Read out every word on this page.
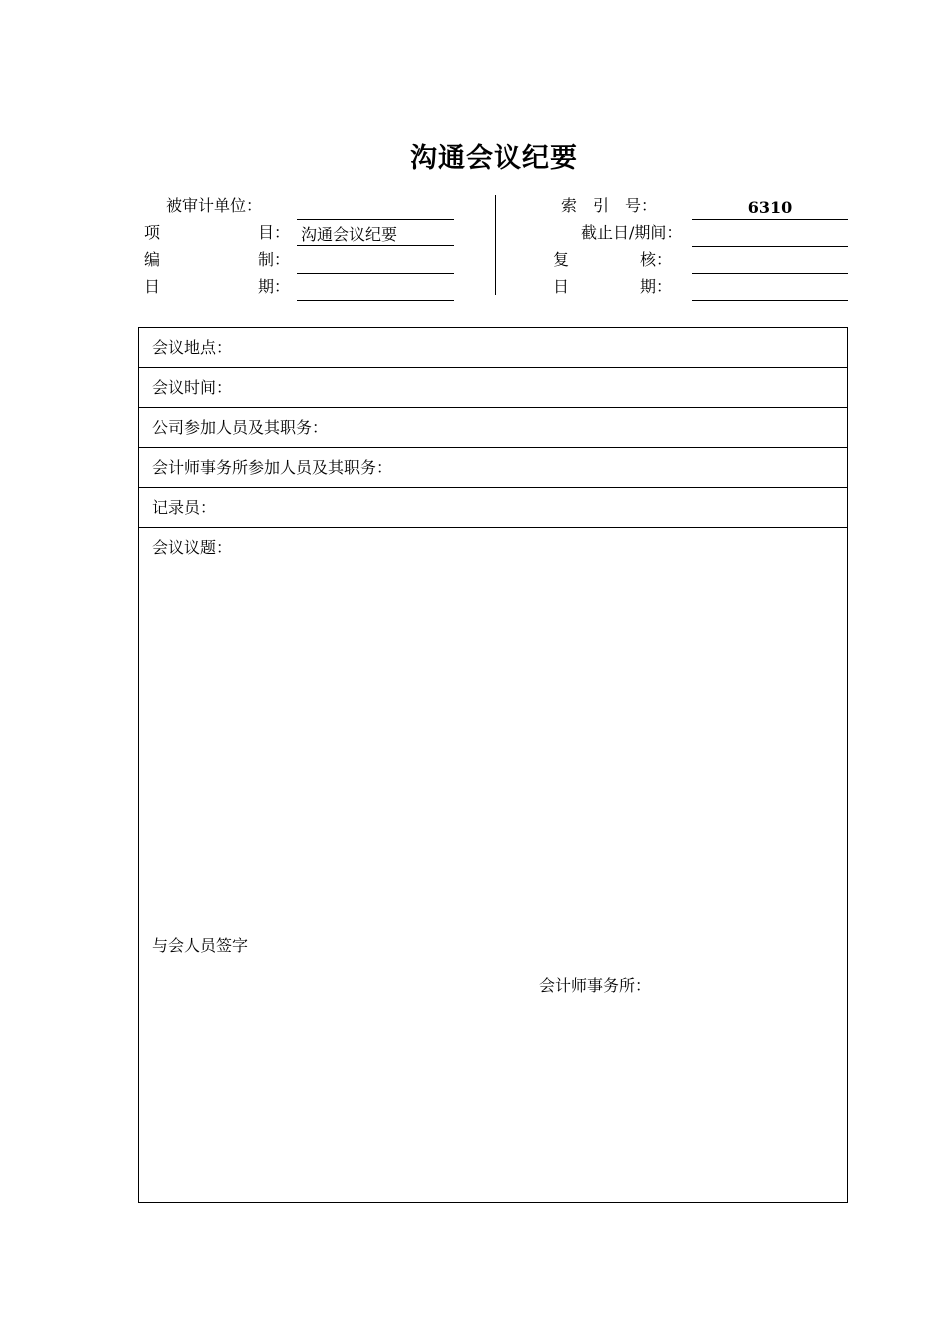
沟通会议纪要
被审计单位：
项	目： 沟通会议纪要
编	制：
日	期：
索　引　号：	6310
截止日/期间：
复	核：
日	期：
会议地点：
会议时间：
公司参加人员及其职务：
会计师事务所参加人员及其职务：
记录员：
会议议题：
与会人员签字
会计师事务所：
